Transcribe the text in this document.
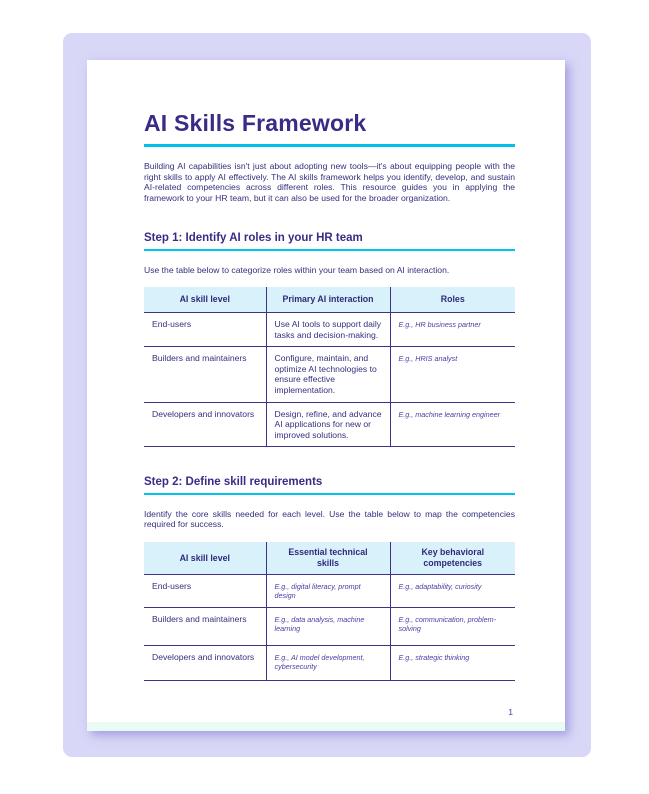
AI Skills Framework

Building AI capabilities isn't just about adopting new tools—it's about equipping people with the right skills to apply AI effectively. The AI skills framework helps you identify, develop, and sustain AI-related competencies across different roles. This resource guides you in applying the framework to your HR team, but it can also be used for the broader organization.

Step 1: Identify AI roles in your HR team

Use the table below to categorize roles within your team based on AI interaction.

AI skill level	Primary AI interaction	Roles
End-users	Use AI tools to support daily tasks and decision-making.	E.g., HR business partner
Builders and maintainers	Configure, maintain, and optimize AI technologies to ensure effective implementation.	E.g., HRIS analyst
Developers and innovators	Design, refine, and advance AI applications for new or improved solutions.	E.g., machine learning engineer
Step 2: Define skill requirements

Identify the core skills needed for each level. Use the table below to map the competencies required for success.

AI skill level	Essential technical skills	Key behavioral competencies
End-users	E.g., digital literacy, prompt design	E.g., adaptability, curiosity
Builders and maintainers	E.g., data analysis, machine learning	E.g., communication, problem-solving
Developers and innovators	E.g., AI model development, cybersecurity	E.g., strategic thinking
1
